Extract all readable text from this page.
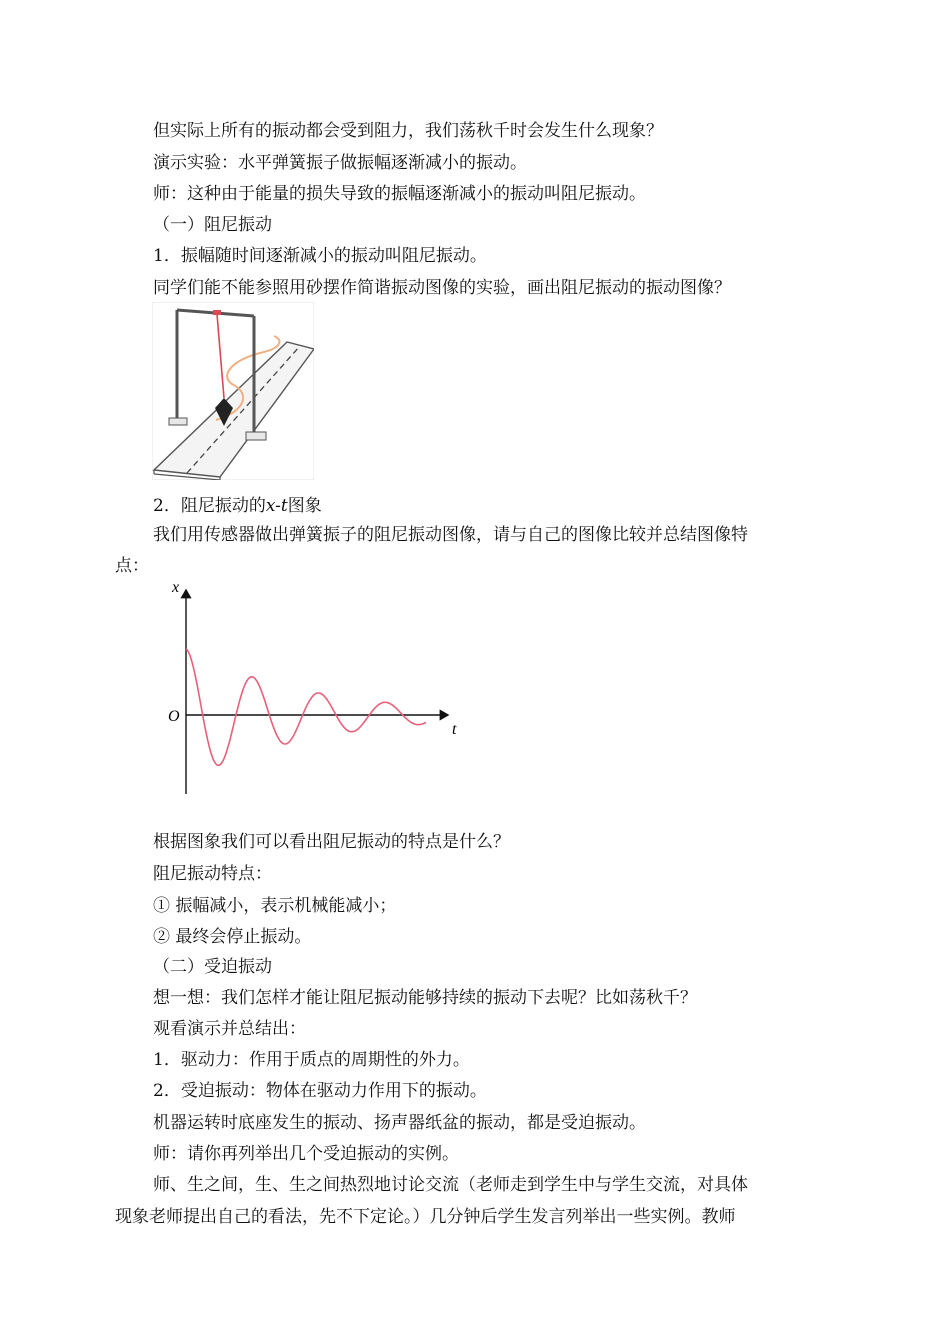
但实际上所有的振动都会受到阻力，我们荡秋千时会发生什么现象？
演示实验：水平弹簧振子做振幅逐渐减小的振动。
师：这种由于能量的损失导致的振幅逐渐减小的振动叫阻尼振动。
（一）阻尼振动
1．振幅随时间逐渐减小的振动叫阻尼振动。
同学们能不能参照用砂摆作简谐振动图像的实验，画出阻尼振动的振动图像？
2．阻尼振动的x-t图象
我们用传感器做出弹簧振子的阻尼振动图像，请与自己的图像比较并总结图像特
点：
x
t
O
根据图象我们可以看出阻尼振动的特点是什么？
阻尼振动特点：
① 振幅减小，表示机械能减小；
② 最终会停止振动。
（二）受迫振动
想一想：我们怎样才能让阻尼振动能够持续的振动下去呢？比如荡秋千？
观看演示并总结出：
1．驱动力：作用于质点的周期性的外力。
2．受迫振动：物体在驱动力作用下的振动。
机器运转时底座发生的振动、扬声器纸盆的振动，都是受迫振动。
师：请你再列举出几个受迫振动的实例。
师、生之间，生、生之间热烈地讨论交流（老师走到学生中与学生交流，对具体
现象老师提出自己的看法，先不下定论。）几分钟后学生发言列举出一些实例。教师
